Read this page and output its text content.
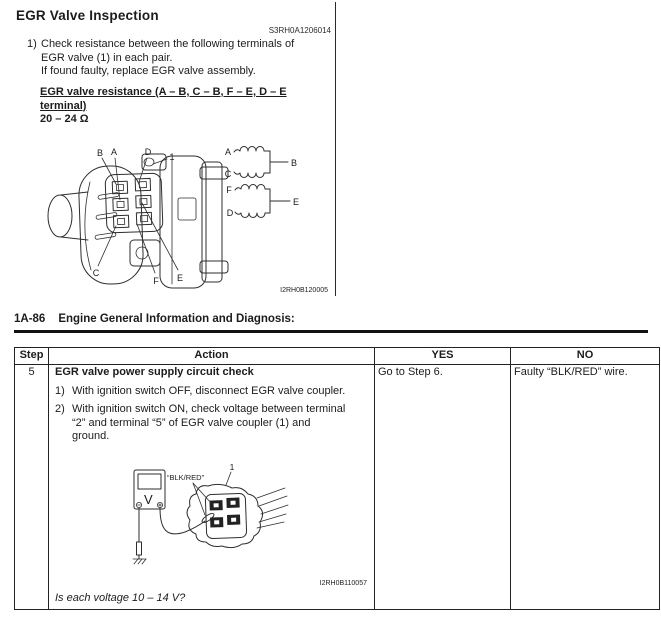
EGR Valve Inspection
S3RH0A1206014
1) Check resistance between the following terminals of
EGR valve (1) in each pair.
If found faulty, replace EGR valve assembly.
EGR valve resistance (A – B, C – B, F – E, D – E
terminal)
20 – 24 Ω
B A	D 1
C
F E
A
C
B
F
D
E
I2RH0B120005
1A-86 Engine General Information and Diagnosis:
Step	Action	YES	NO
5	EGR valve power supply circuit check
1) With ignition switch OFF, disconnect EGR valve coupler.
2) With ignition switch ON, check voltage between terminal
“2” and terminal “5” of EGR valve coupler (1) and
ground.
V
1
“BLK/RED”
I2RH0B110057
Is each voltage 10 – 14 V?
	Go to Step 6.	Faulty “BLK/RED” wire.
